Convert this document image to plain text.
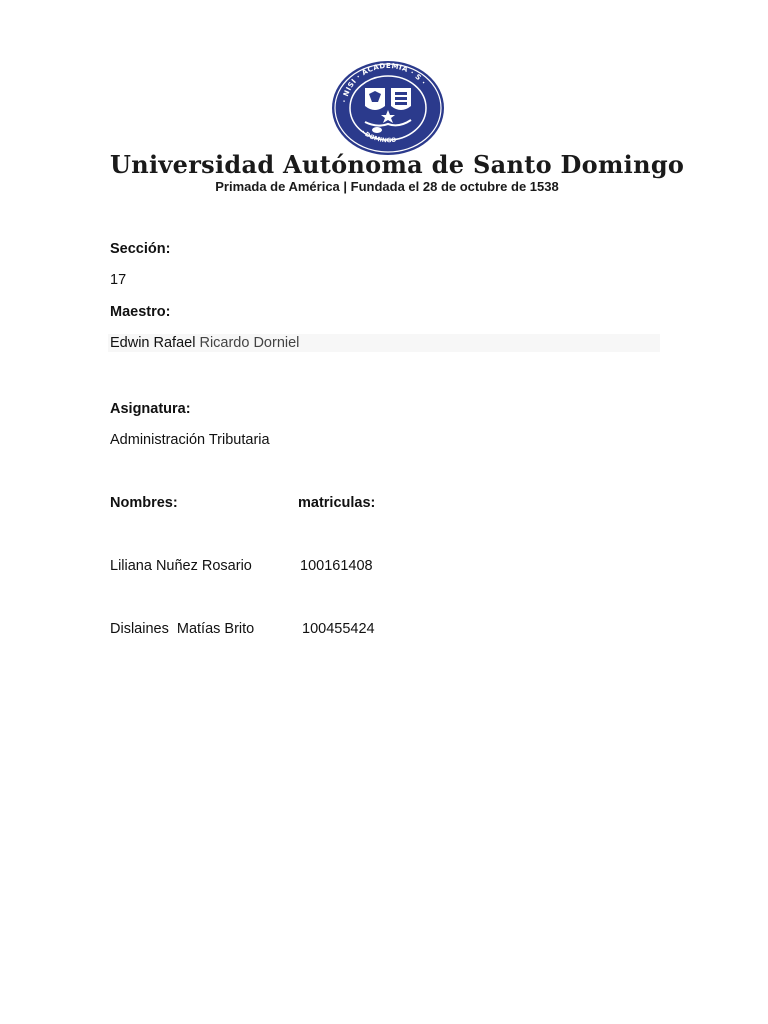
· NISI · ACADEMIA · S ·
· DOMINGO ·
Universidad Autónoma de Santo Domingo
Primada de América | Fundada el 28 de octubre de 1538
Sección:
17
Maestro:
Edwin Rafael Ricardo Dorniel
Asignatura:
Administración Tributaria
Nombres:	matriculas:
Liliana Nuñez Rosario	100161408
Dislaines  Matías Brito	100455424
